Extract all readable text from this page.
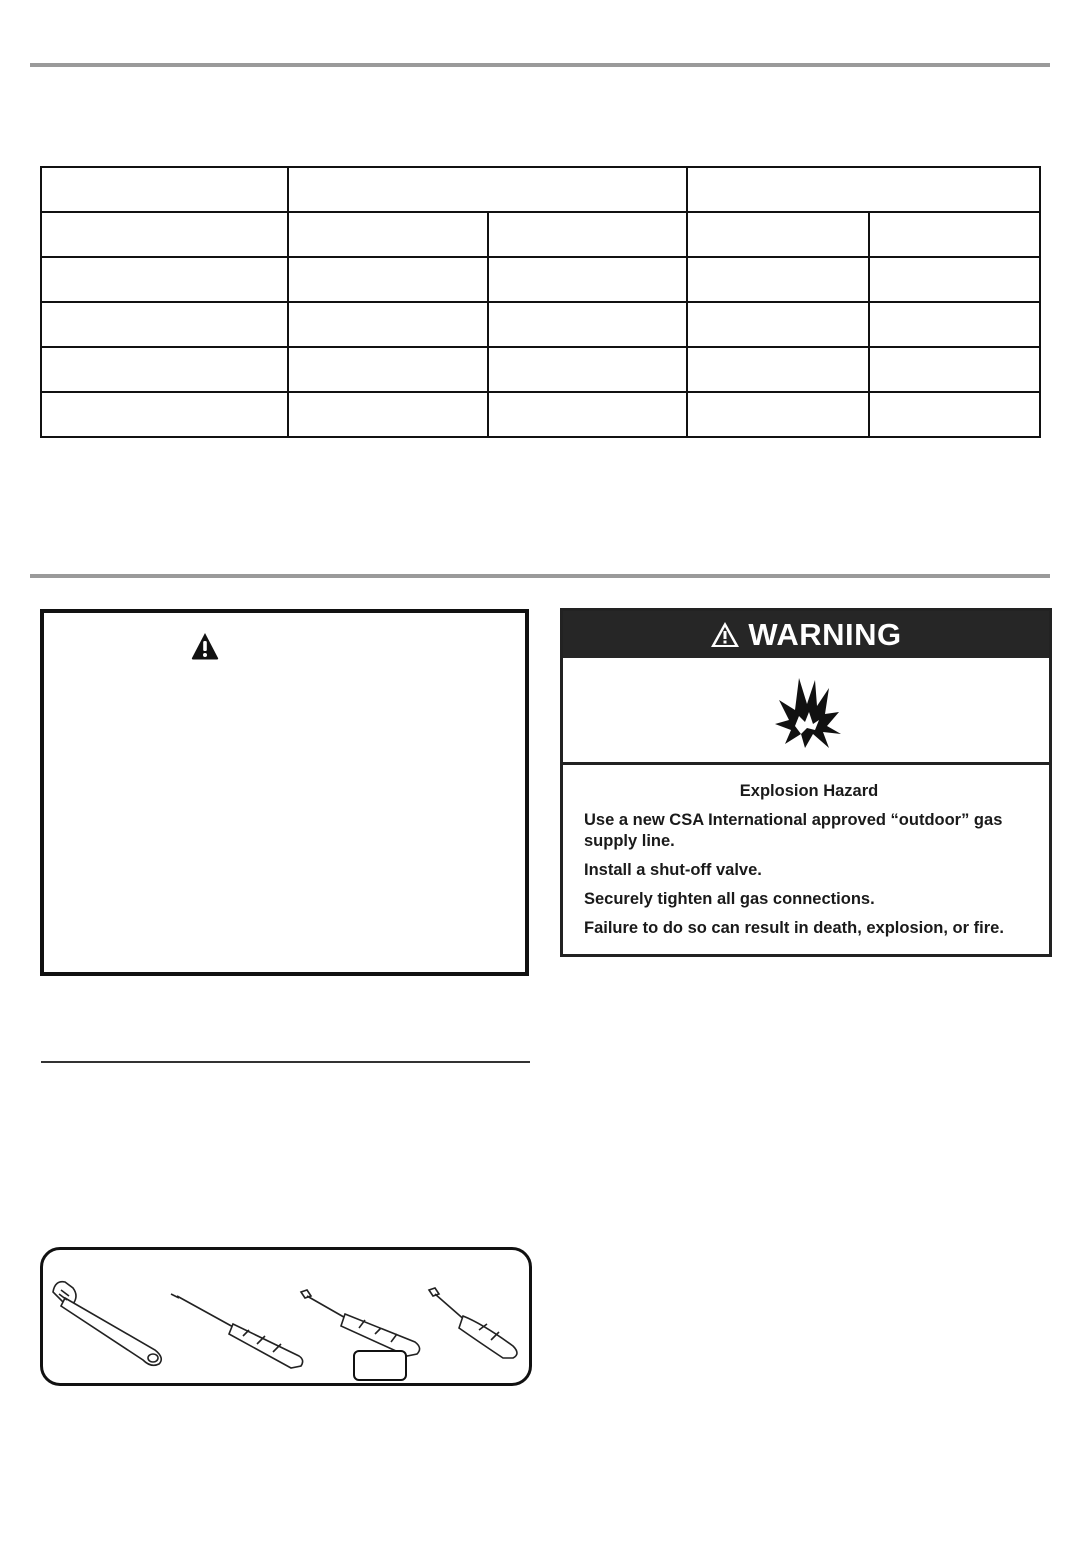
WARNING

Explosion Hazard

Use a new CSA International approved “outdoor” gas supply line.

Install a shut-off valve.

Securely tighten all gas connections.

Failure to do so can result in death, explosion, or fire.
